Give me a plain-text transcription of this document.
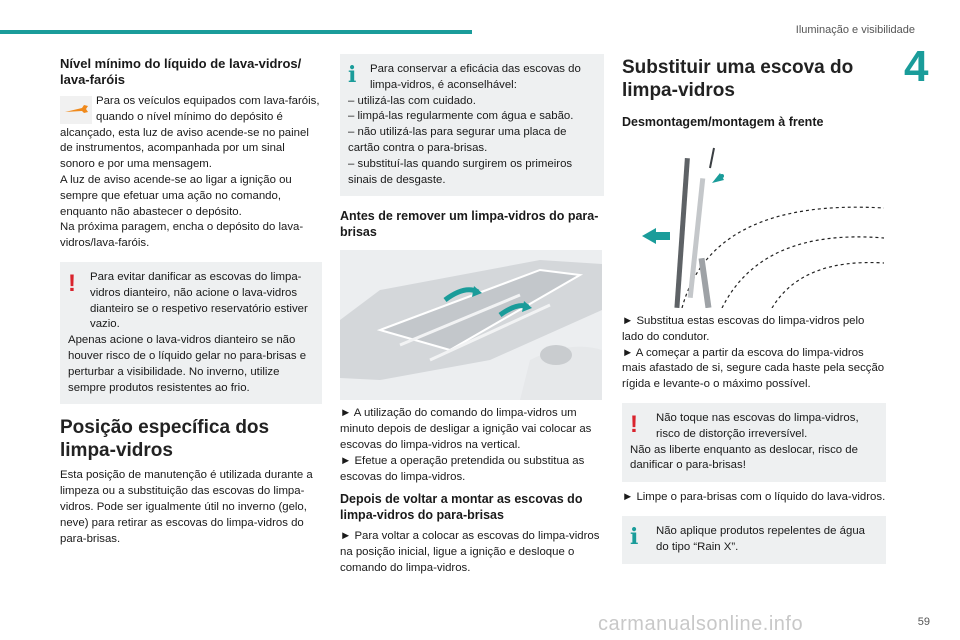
Iluminação e visibilidade
4
Nível mínimo do líquido de lava-vidros/ lava-faróis

Para os veículos equipados com lava-faróis, quando o nível mínimo do depósito é alcançado, esta luz de aviso acende-se no painel de instrumentos, acompanhada por um sinal sonoro e por uma mensagem.

A luz de aviso acende-se ao ligar a ignição ou sempre que efetuar uma ação no comando, enquanto não abastecer o depósito.

Na próxima paragem, encha o depósito do lava-vidros/lava-faróis.

!	Para evitar danificar as escovas do limpa-vidros dianteiro, não acione o lava-vidros dianteiro se o respetivo reservatório estiver vazio.

Apenas acione o lava-vidros dianteiro se não houver risco de o líquido gelar no para-brisas e perturbar a visibilidade. No inverno, utilize sempre produtos resistentes ao frio.

Posição específica dos limpa-vidros

Esta posição de manutenção é utilizada durante a limpeza ou a substituição das escovas do limpa-vidros. Pode ser igualmente útil no inverno (gelo, neve) para retirar as escovas do limpa-vidros do para-brisas.

i	Para conservar a eficácia das escovas do limpa-vidros, é aconselhável:

– utilizá-las com cuidado.

– limpá-las regularmente com água e sabão.

– não utilizá-las para segurar uma placa de cartão contra o para-brisas.

– substituí-las quando surgirem os primeiros sinais de desgaste.

Antes de remover um limpa-vidros do para-brisas

► A utilização do comando do limpa-vidros um minuto depois de desligar a ignição vai colocar as escovas do limpa-vidros na vertical.

► Efetue a operação pretendida ou substitua as escovas do limpa-vidros.

Depois de voltar a montar as escovas do limpa-vidros do para-brisas

► Para voltar a colocar as escovas do limpa-vidros na posição inicial, ligue a ignição e desloque o comando do limpa-vidros.

Substituir uma escova do limpa-vidros
Desmontagem/montagem à frente

► Substitua estas escovas do limpa-vidros pelo lado do condutor.

► A começar a partir da escova do limpa-vidros mais afastado de si, segure cada haste pela secção rígida e levante-o o máximo possível.

!	Não toque nas escovas do limpa-vidros, risco de distorção irreversível.

Não as liberte enquanto as deslocar, risco de danificar o para-brisas!

► Limpe o para-brisas com o líquido do lava-vidros.

i	Não aplique produtos repelentes de água do tipo “Rain X”.

carmanualsonline.info	59
